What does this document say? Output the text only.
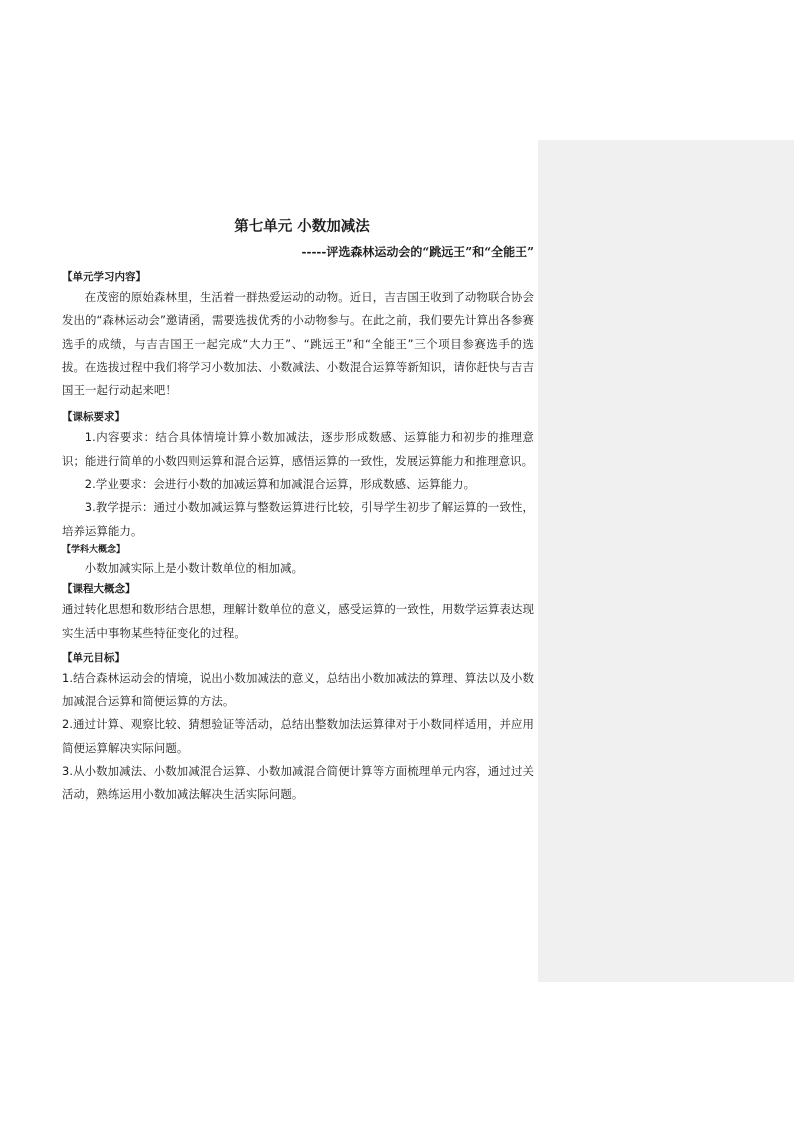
第七单元 小数加减法
-----评选森林运动会的“跳远王”和“全能王”
【单元学习内容】

在茂密的原始森林里，生活着一群热爱运动的动物。近日，吉吉国王收到了动物联合协会发出的“森林运动会”邀请函，需要选拔优秀的小动物参与。在此之前，我们要先计算出各参赛选手的成绩，与吉吉国王一起完成“大力王”、“跳远王”和“全能王”三个项目参赛选手的选拔。在选拔过程中我们将学习小数加法、小数减法、小数混合运算等新知识，请你赶快与吉吉国王一起行动起来吧！

【课标要求】

1.内容要求：结合具体情境计算小数加减法，逐步形成数感、运算能力和初步的推理意识；能进行简单的小数四则运算和混合运算，感悟运算的一致性，发展运算能力和推理意识。

2.学业要求：会进行小数的加减运算和加减混合运算，形成数感、运算能力。

3.教学提示：通过小数加减运算与整数运算进行比较，引导学生初步了解运算的一致性，培养运算能力。

【学科大概念】

小数加减实际上是小数计数单位的相加减。

【课程大概念】

通过转化思想和数形结合思想，理解计数单位的意义，感受运算的一致性，用数学运算表达现实生活中事物某些特征变化的过程。

【单元目标】

1.结合森林运动会的情境，说出小数加减法的意义，总结出小数加减法的算理、算法以及小数加减混合运算和简便运算的方法。

2.通过计算、观察比较、猜想验证等活动，总结出整数加法运算律对于小数同样适用，并应用简便运算解决实际问题。

3.从小数加减法、小数加减混合运算、小数加减混合简便计算等方面梳理单元内容，通过过关活动，熟练运用小数加减法解决生活实际问题。
